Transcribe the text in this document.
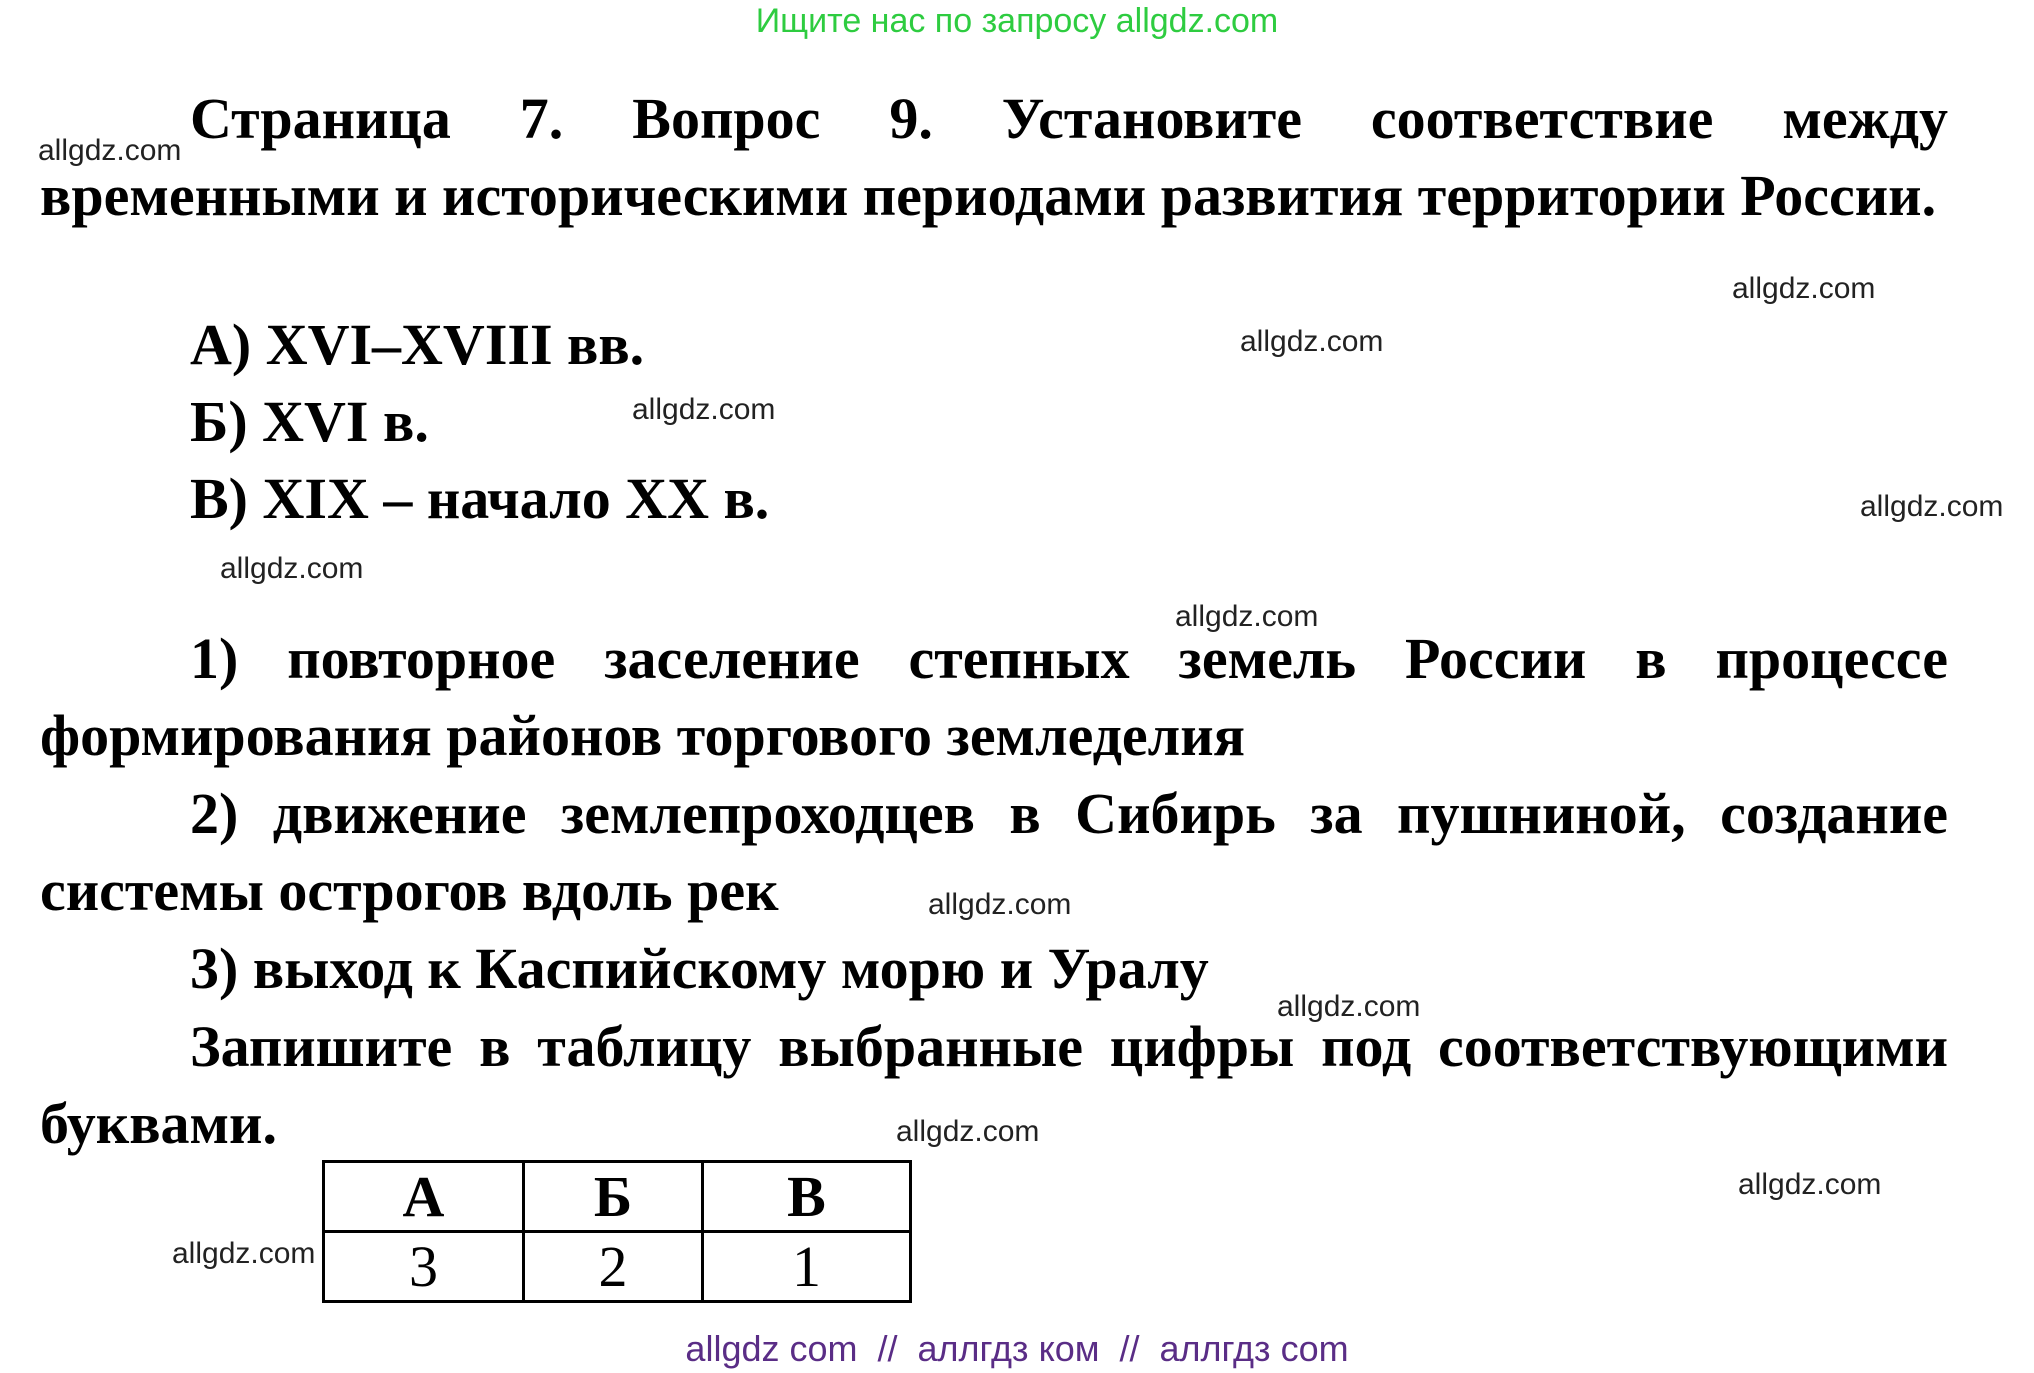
Ищите нас по запросу allgdz.com

Страница 7. Вопрос 9. Установите соответствие между временными и историческими периодами развития территории России.

А) XVI–XVIII вв.

Б) XVI в.

В) XIX – начало XX в.

1) повторное заселение степных земель России в процессе формирования районов торгового земледелия

2) движение землепроходцев в Сибирь за пушниной, создание системы острогов вдоль рек

3) выход к Каспийскому морю и Уралу

Запишите в таблицу выбранные цифры под соответствующими буквами.

А	Б	В
3	2	1
allgdz.com
allgdz.com
allgdz.com
allgdz.com
allgdz.com
allgdz.com
allgdz.com
allgdz.com
allgdz.com
allgdz.com
allgdz.com
allgdz.com
allgdz com  //  аллгдз ком  //  аллгдз com
